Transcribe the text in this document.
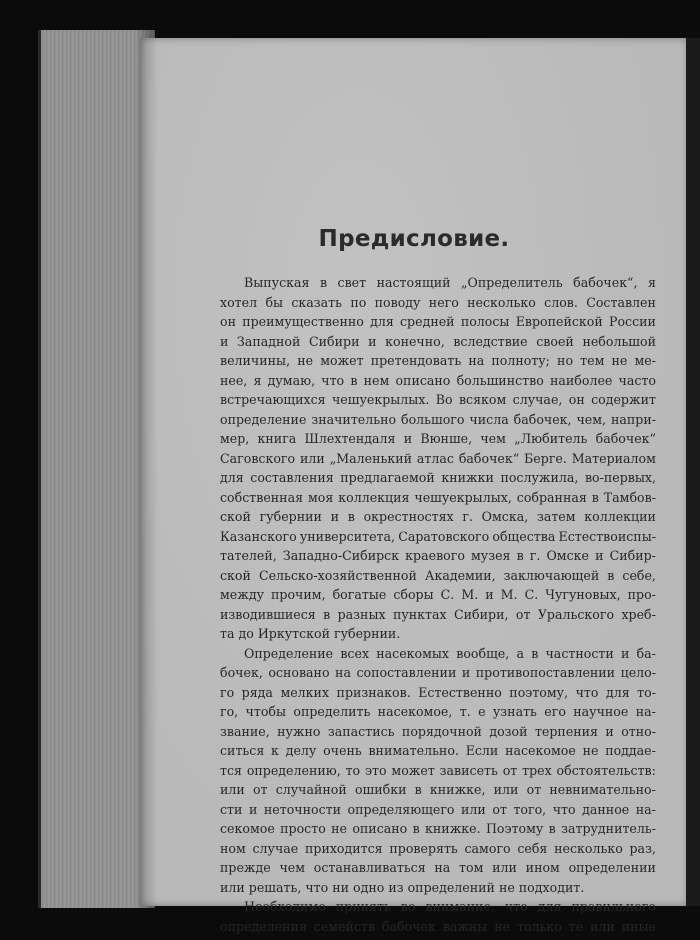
Предисловие.
Выпуская в свет настоящий „Определитель бабочек“, я
хотел бы сказать по поводу него несколько слов. Составлен
он преимущественно для средней полосы Европейской России
и Западной Сибири и конечно, вследствие своей небольшой
величины, не может претендовать на полноту; но тем не ме-
нее, я думаю, что в нем описано большинство наиболее часто
встречающихся чешуекрылых. Во всяком случае, он содержит
определение значительно большого числа бабочек, чем, напри-
мер, книга Шлехтендаля и Вюнше, чем „Любитель бабочек“
Саговского или „Маленький атлас бабочек“ Берге. Материалом
для составления предлагаемой книжки послужила, во-первых,
собственная моя коллекция чешуекрылых, собранная в Тамбов-
ской губернии и в окрестностях г. Омска, затем коллекции
Казанского университета, Саратовского общества Естествоиспы-
тателей, Западно-Сибирск краевого музея в г. Омске и Сибир-
ской Сельско-хозяйственной Академии, заключающей в себе,
между прочим, богатые сборы С. М. и М. С. Чугуновых, про-
изводившиеся в разных пунктах Сибири, от Уральского хреб-
та до Иркутской губернии.
Определение всех насекомых вообще, а в частности и ба-
бочек, основано на сопоставлении и противопоставлении цело-
го ряда мелких признаков. Естественно поэтому, что для то-
го, чтобы определить насекомое, т. е узнать его научное на-
звание, нужно запастись порядочной дозой терпения и отно-
ситься к делу очень внимательно. Если насекомое не поддае-
тся определению, то это может зависеть от трех обстоятельств:
или от случайной ошибки в книжке, или от невнимательно-
сти и неточности определяющего или от того, что данное на-
секомое просто не описано в книжке. Поэтому в затруднитель-
ном случае приходится проверять самого себя несколько раз,
прежде чем останавливаться на том или ином определении
или решать, что ни одно из определений не подходит.
Необходимо принять во внимание, что для правильного
определения семейств бабочек важны не только те или иные
